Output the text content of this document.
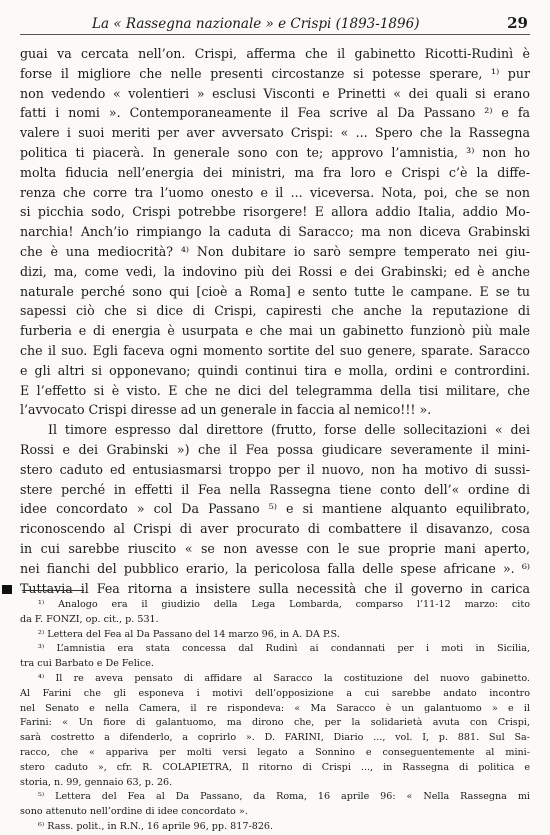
La « Rassegna nazionale » e Crispi (1893-1896)	29
guai va cercata nell’on. Crispi, afferma che il gabinetto Ricotti-Rudinì è
forse il migliore che nelle presenti circostanze si potesse sperare, ¹⁾ pur
non vedendo « volentieri » esclusi Visconti e Prinetti « dei quali si erano
fatti i nomi ». Contemporaneamente il Fea scrive al Da Passano ²⁾ e fa
valere i suoi meriti per aver avversato Crispi: « ... Spero che la Rassegna
politica ti piacerà. In generale sono con te; approvo l’amnistia, ³⁾ non ho
molta fiducia nell’energia dei ministri, ma fra loro e Crispi c’è la diffe-
renza che corre tra l’uomo onesto e il ... viceversa. Nota, poi, che se non
si picchia sodo, Crispi potrebbe risorgere! E allora addio Italia, addio Mo-
narchia! Anch’io rimpiango la caduta di Saracco; ma non diceva Grabinski
che è una mediocrità? ⁴⁾ Non dubitare io sarò sempre temperato nei giu-
dizi, ma, come vedi, la indovino più dei Rossi e dei Grabinski; ed è anche
naturale perché sono qui [cioè a Roma] e sento tutte le campane. E se tu
sapessi ciò che si dice di Crispi, capiresti che anche la reputazione di
furberia e di energia è usurpata e che mai un gabinetto funzionò più male
che il suo. Egli faceva ogni momento sortite del suo genere, sparate. Saracco
e gli altri si opponevano; quindi continui tira e molla, ordini e contrordini.
E l’effetto si è visto. E che ne dici del telegramma della tisi militare, che
l’avvocato Crispi diresse ad un generale in faccia al nemico!!! ».
Il timore espresso dal direttore (frutto, forse delle sollecitazioni « dei
Rossi e dei Grabinski ») che il Fea possa giudicare severamente il mini-
stero caduto ed entusiasmarsi troppo per il nuovo, non ha motivo di sussi-
stere perché in effetti il Fea nella Rassegna tiene conto dell’« ordine di
idee concordato » col Da Passano ⁵⁾ e si mantiene alquanto equilibrato,
riconoscendo al Crispi di aver procurato di combattere il disavanzo, cosa
in cui sarebbe riuscito « se non avesse con le sue proprie mani aperto,
nei fianchi del pubblico erario, la pericolosa falla delle spese africane ». ⁶⁾
Tuttavia il Fea ritorna a insistere sulla necessità che il governo in carica
¹⁾ Analogo era il giudizio della Lega Lombarda, comparso l’11-12 marzo: cito
da F. FONZI, op. cit., p. 531.
²⁾ Lettera del Fea al Da Passano del 14 marzo 96, in A. DA P.S.
³⁾ L’amnistia era stata concessa dal Rudinì ai condannati per i moti in Sicilia,
tra cui Barbato e De Felice.
⁴⁾ Il re aveva pensato di affidare al Saracco la costituzione del nuovo gabinetto.
Al Farini che gli esponeva i motivi dell’opposizione a cui sarebbe andato incontro
nel Senato e nella Camera, il re rispondeva: « Ma Saracco è un galantuomo » e il
Farini: « Un fiore di galantuomo, ma dirono che, per la solidarietà avuta con Crispi,
sarà costretto a difenderlo, a coprirlo ». D. FARINI, Diario ..., vol. I, p. 881. Sul Sa-
racco, che « appariva per molti versi legato a Sonnino e conseguentemente al mini-
stero caduto », cfr. R. COLAPIETRA, Il ritorno di Crispi ..., in Rassegna di politica e
storia, n. 99, gennaio 63, p. 26.
⁵⁾ Lettera del Fea al Da Passano, da Roma, 16 aprile 96: « Nella Rassegna mi
sono attenuto nell’ordine di idee concordato ».
⁶⁾ Rass. polit., in R.N., 16 aprile 96, pp. 817-826.
